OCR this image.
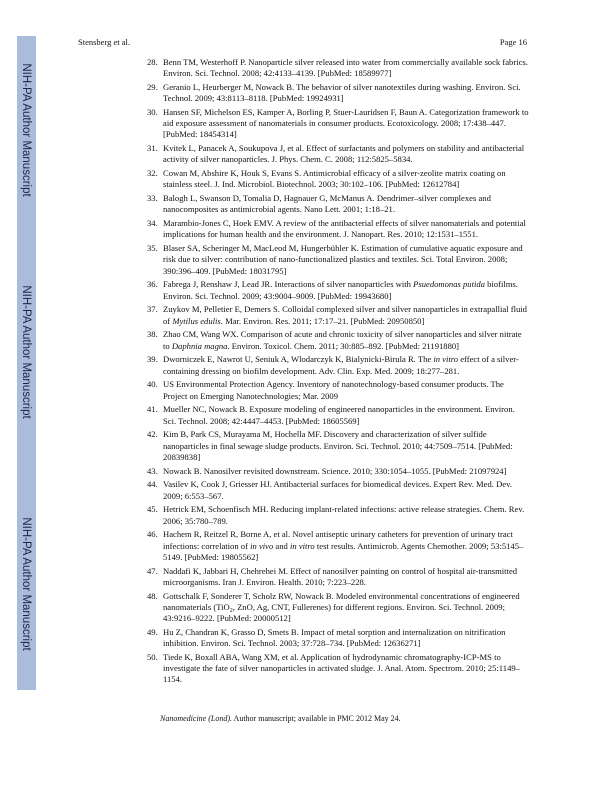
NIH-PA Author Manuscript
NIH-PA Author Manuscript
NIH-PA Author Manuscript
Stensberg et al.	Page 16
28. Benn TM, Westerhoff P. Nanoparticle silver released into water from commercially available sock fabrics. Environ. Sci. Technol. 2008; 42:4133–4139. [PubMed: 18589977]
29. Geranio L, Heurberger M, Nowack B. The behavior of silver nanotextiles during washing. Environ. Sci. Technol. 2009; 43:8113–8118. [PubMed: 19924931]
30. Hansen SF, Michelson ES, Kamper A, Borling P, Stuer-Lauridsen F, Baun A. Categorization framework to aid exposure assessment of nanomaterials in consumer products. Ecotoxicology. 2008; 17:438–447. [PubMed: 18454314]
31. Kvitek L, Panacek A, Soukupova J, et al. Effect of surfactants and polymers on stability and antibacterial activity of silver nanoparticles. J. Phys. Chem. C. 2008; 112:5825–5834.
32. Cowan M, Abshire K, Houk S, Evans S. Antimicrobial efficacy of a silver-zeolite matrix coating on stainless steel. J. Ind. Microbiol. Biotechnol. 2003; 30:102–106. [PubMed: 12612784]
33. Balogh L, Swanson D, Tomalia D, Hagnauer G, McManus A. Dendrimer–silver complexes and nanocomposites as antimicrobial agents. Nano Lett. 2001; 1:18–21.
34. Marambio-Jones C, Hoek EMV. A review of the antibacterial effects of silver nanomaterials and potential implications for human health and the environment. J. Nanopart. Res. 2010; 12:1531–1551.
35. Blaser SA, Scheringer M, MacLeod M, Hungerbühler K. Estimation of cumulative aquatic exposure and risk due to silver: contribution of nano-functionalized plastics and textiles. Sci. Total Environ. 2008; 390:396–409. [PubMed: 18031795]
36. Fabrega J, Renshaw J, Lead JR. Interactions of silver nanoparticles with Psuedomonas putida biofilms. Environ. Sci. Technol. 2009; 43:9004–9009. [PubMed: 19943680]
37. Zuykov M, Pelletier E, Demers S. Colloidal complexed silver and silver nanoparticles in extrapallial fluid of Mytilus edulis. Mar. Environ. Res. 2011; 17:17–21. [PubMed: 20950850]
38. Zhao CM, Wang WX. Comparison of acute and chronic toxicity of silver nanoparticles and silver nitrate to Daphnia magna. Environ. Toxicol. Chem. 2011; 30:885–892. [PubMed: 21191880]
39. Dworniczek E, Nawrot U, Seniuk A, Wlodarczyk K, Bialynicki-Birula R. The in vitro effect of a silver-containing dressing on biofilm development. Adv. Clin. Exp. Med. 2009; 18:277–281.
40. US Environmental Protection Agency. Inventory of nanotechnology-based consumer products. The Project on Emerging Nanotechnologies; Mar. 2009
41. Mueller NC, Nowack B. Exposure modeling of engineered nanoparticles in the environment. Environ. Sci. Technol. 2008; 42:4447–4453. [PubMed: 18605569]
42. Kim B, Park CS, Murayama M, Hochella MF. Discovery and characterization of silver sulfide nanoparticles in final sewage sludge products. Environ. Sci. Technol. 2010; 44:7509–7514. [PubMed: 20839838]
43. Nowack B. Nanosilver revisited downstream. Science. 2010; 330:1054–1055. [PubMed: 21097924]
44. Vasilev K, Cook J, Griesser HJ. Antibacterial surfaces for biomedical devices. Expert Rev. Med. Dev. 2009; 6:553–567.
45. Hetrick EM, Schoenfisch MH. Reducing implant-related infections: active release strategies. Chem. Rev. 2006; 35:780–789.
46. Hachem R, Reitzel R, Borne A, et al. Novel antiseptic urinary catheters for prevention of urinary tract infections: correlation of in vivo and in vitro test results. Antimicrob. Agents Chemother. 2009; 53:5145–5149. [PubMed: 19805562]
47. Naddafi K, Jabbari H, Chehrehei M. Effect of nanosilver painting on control of hospital air-transmitted microorganisms. Iran J. Environ. Health. 2010; 7:223–228.
48. Gottschalk F, Sonderer T, Scholz RW, Nowack B. Modeled environmental concentrations of engineered nanomaterials (TiO$_2$, ZnO, Ag, CNT, Fullerenes) for different regions. Environ. Sci. Technol. 2009; 43:9216–9222. [PubMed: 20000512]
49. Hu Z, Chandran K, Grasso D, Smets B. Impact of metal sorption and internalization on nitrification inhibition. Environ. Sci. Technol. 2003; 37:728–734. [PubMed: 12636271]
50. Tiede K, Boxall ABA, Wang XM, et al. Application of hydrodynamic chromatography-ICP-MS to investigate the fate of silver nanoparticles in activated sludge. J. Anal. Atom. Spectrom. 2010; 25:1149–1154.
Nanomedicine (Lond). Author manuscript; available in PMC 2012 May 24.
